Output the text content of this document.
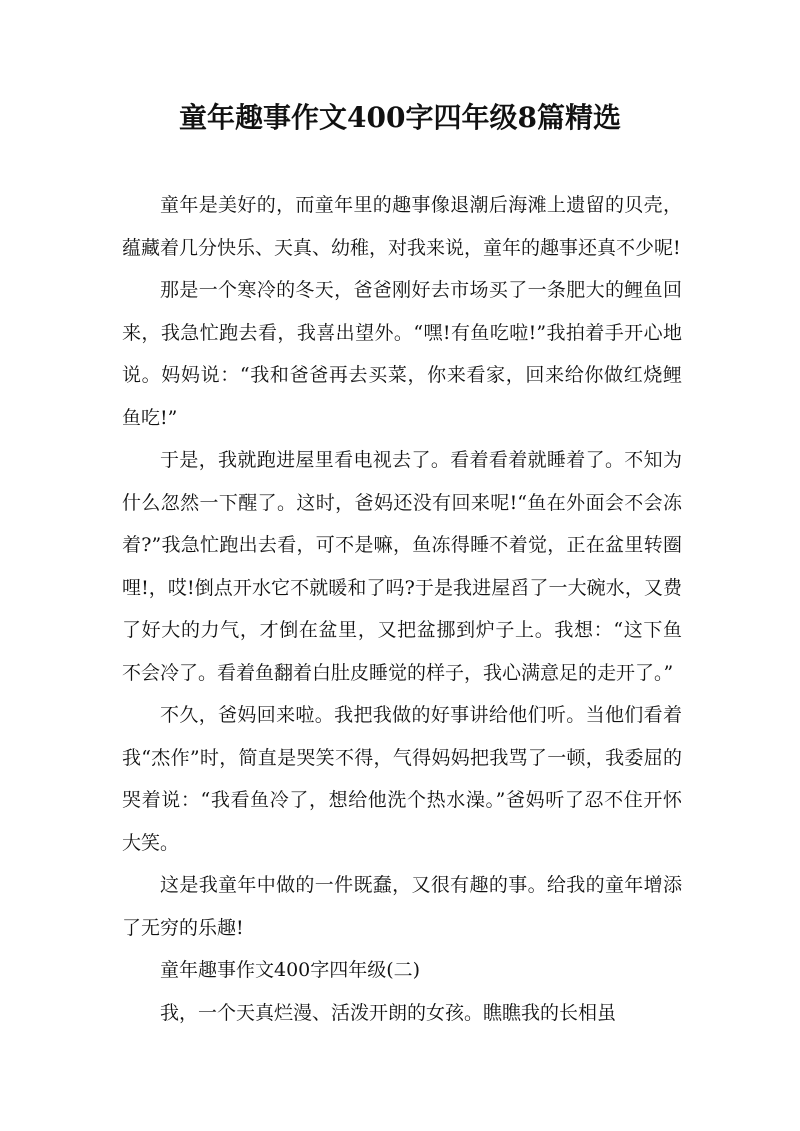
童年趣事作文400字四年级8篇精选

童年是美好的，而童年里的趣事像退潮后海滩上遗留的贝壳，蕴藏着几分快乐、天真、幼稚，对我来说，童年的趣事还真不少呢!

那是一个寒冷的冬天，爸爸刚好去市场买了一条肥大的鲤鱼回来，我急忙跑去看，我喜出望外。“嘿!有鱼吃啦!”我拍着手开心地说。妈妈说：“我和爸爸再去买菜，你来看家，回来给你做红烧鲤鱼吃!”

于是，我就跑进屋里看电视去了。看着看着就睡着了。不知为什么忽然一下醒了。这时，爸妈还没有回来呢!“鱼在外面会不会冻着?”我急忙跑出去看，可不是嘛，鱼冻得睡不着觉，正在盆里转圈哩!，哎!倒点开水它不就暖和了吗?于是我进屋舀了一大碗水，又费了好大的力气，才倒在盆里，又把盆挪到炉子上。我想：“这下鱼不会冷了。看着鱼翻着白肚皮睡觉的样子，我心满意足的走开了。”

不久，爸妈回来啦。我把我做的好事讲给他们听。当他们看着我“杰作”时，简直是哭笑不得，气得妈妈把我骂了一顿，我委屈的哭着说：“我看鱼冷了，想给他洗个热水澡。”爸妈听了忍不住开怀大笑。

这是我童年中做的一件既蠢，又很有趣的事。给我的童年增添了无穷的乐趣!

童年趣事作文400字四年级(二)

我，一个天真烂漫、活泼开朗的女孩。瞧瞧我的长相虽
